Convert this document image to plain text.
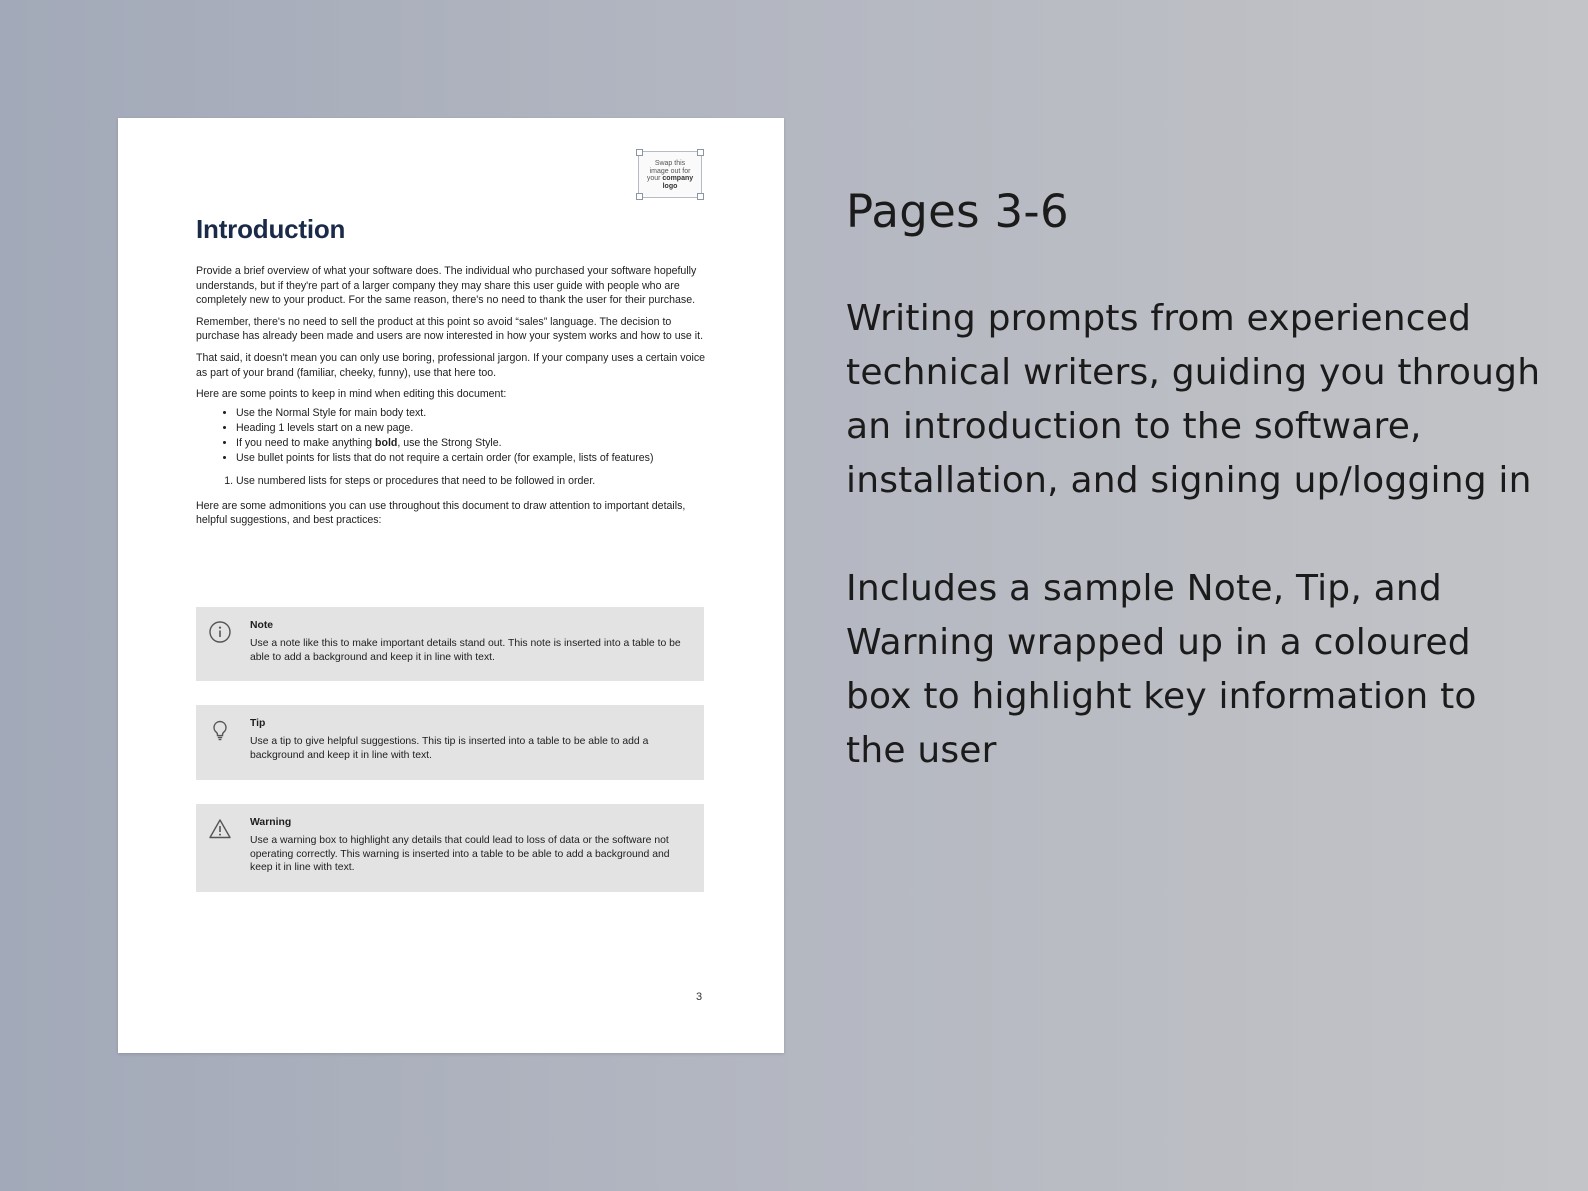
Swap this
image out for
your company
logo
Introduction

Provide a brief overview of what your software does. The individual who purchased your software hopefully understands, but if they're part of a larger company they may share this user guide with people who are completely new to your product. For the same reason, there's no need to thank the user for their purchase.

Remember, there's no need to sell the product at this point so avoid “sales” language. The decision to purchase has already been made and users are now interested in how your system works and how to use it.

That said, it doesn't mean you can only use boring, professional jargon. If your company uses a certain voice as part of your brand (familiar, cheeky, funny), use that here too.

Here are some points to keep in mind when editing this document:

• Use the Normal Style for main body text.
• Heading 1 levels start on a new page.
• If you need to make anything bold, use the Strong Style.
• Use bullet points for lists that do not require a certain order (for example, lists of features)
1. Use numbered lists for steps or procedures that need to be followed in order.

Here are some admonitions you can use throughout this document to draw attention to important details, helpful suggestions, and best practices:

Note

Use a note like this to make important details stand out. This note is inserted into a table to be able to add a background and keep it in line with text.

Tip

Use a tip to give helpful suggestions. This tip is inserted into a table to be able to add a background and keep it in line with text.

Warning

Use a warning box to highlight any details that could lead to loss of data or the software not operating correctly. This warning is inserted into a table to be able to add a background and keep it in line with text.

3
Pages 3-6

Writing prompts from experienced technical writers, guiding you through an introduction to the software, installation, and signing up/logging in

Includes a sample Note, Tip, and Warning wrapped up in a coloured box to highlight key information to the user
